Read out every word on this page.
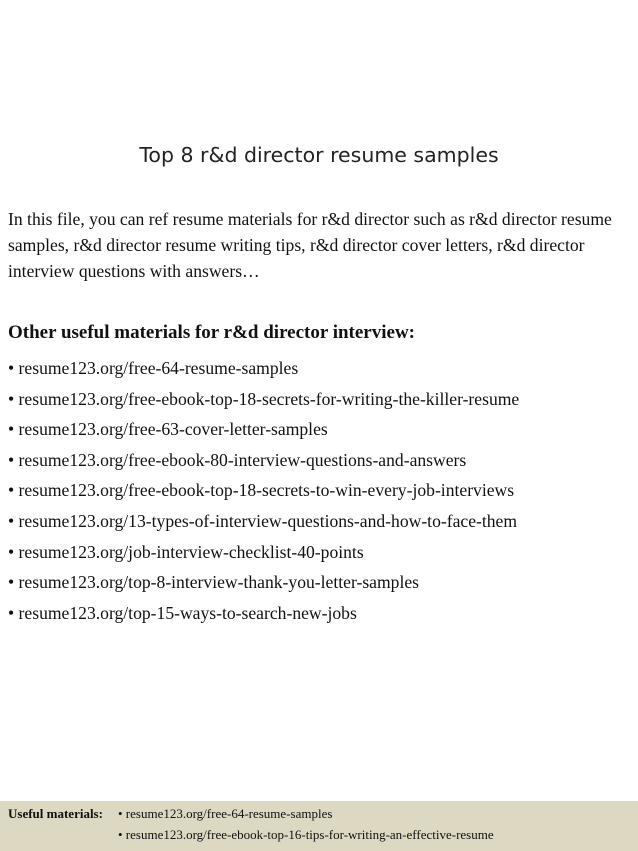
Top 8 r&d director resume samples

In this file, you can ref resume materials for r&d director such as r&d director resume samples, r&d director resume writing tips, r&d director cover letters, r&d director interview questions with answers…

Other useful materials for r&d director interview:
• resume123.org/free-64-resume-samples
• resume123.org/free-ebook-top-18-secrets-for-writing-the-killer-resume
• resume123.org/free-63-cover-letter-samples
• resume123.org/free-ebook-80-interview-questions-and-answers
• resume123.org/free-ebook-top-18-secrets-to-win-every-job-interviews
• resume123.org/13-types-of-interview-questions-and-how-to-face-them
• resume123.org/job-interview-checklist-40-points
• resume123.org/top-8-interview-thank-you-letter-samples
• resume123.org/top-15-ways-to-search-new-jobs
Useful materials: • resume123.org/free-64-resume-samples
• resume123.org/free-ebook-top-16-tips-for-writing-an-effective-resume
